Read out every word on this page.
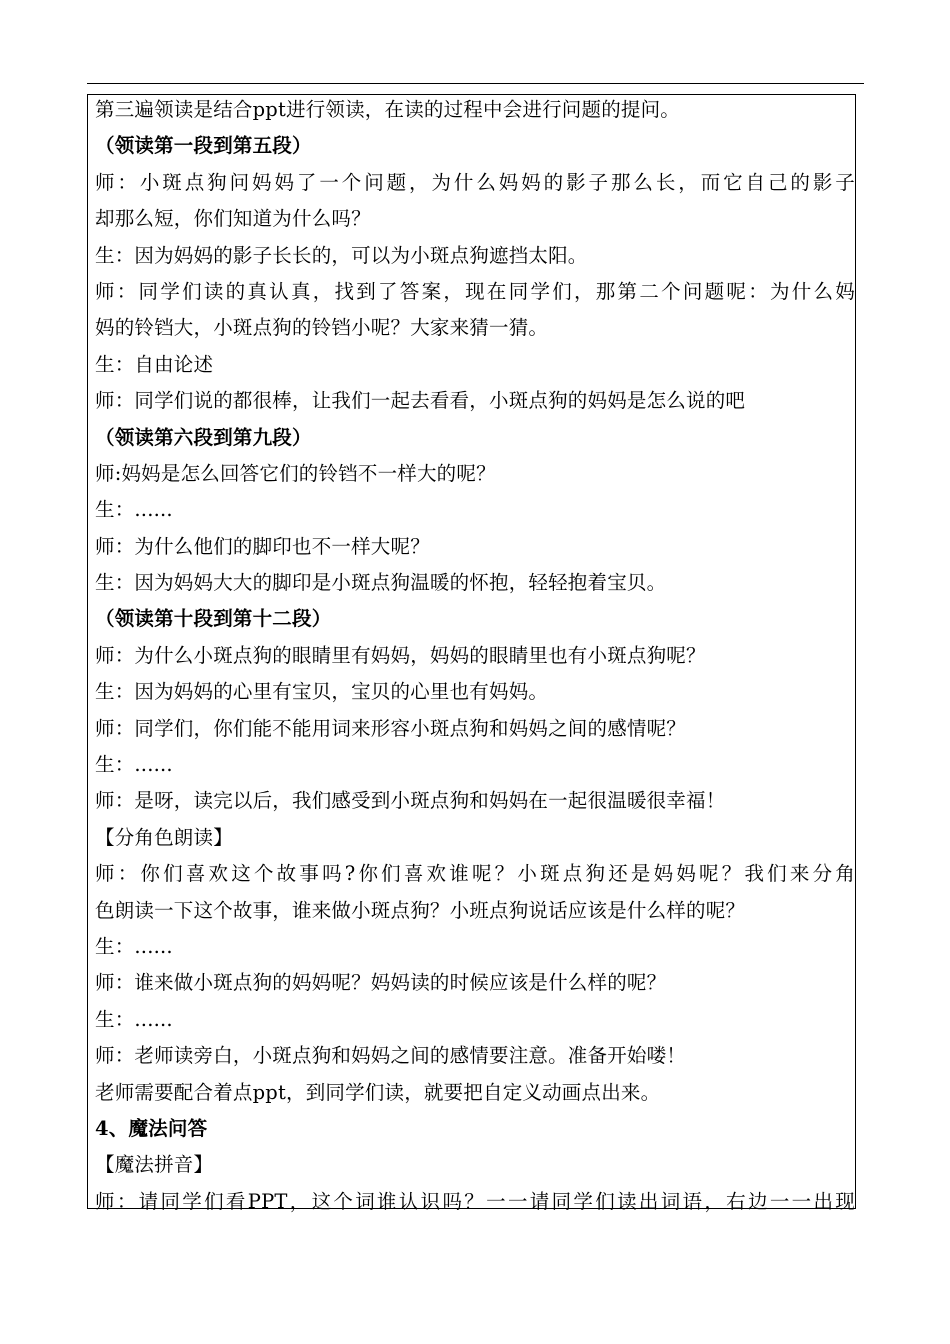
第三遍领读是结合ppt进行领读，在读的过程中会进行问题的提问。
（领读第一段到第五段）
师：小斑点狗问妈妈了一个问题，为什么妈妈的影子那么长，而它自己的影子
却那么短，你们知道为什么吗？
生：因为妈妈的影子长长的，可以为小斑点狗遮挡太阳。
师：同学们读的真认真，找到了答案，现在同学们，那第二个问题呢：为什么妈
妈的铃铛大，小斑点狗的铃铛小呢？大家来猜一猜。
生：自由论述
师：同学们说的都很棒，让我们一起去看看，小斑点狗的妈妈是怎么说的吧
（领读第六段到第九段）
师:妈妈是怎么回答它们的铃铛不一样大的呢？
生：......
师：为什么他们的脚印也不一样大呢？
生：因为妈妈大大的脚印是小斑点狗温暖的怀抱，轻轻抱着宝贝。
（领读第十段到第十二段）
师：为什么小斑点狗的眼睛里有妈妈，妈妈的眼睛里也有小斑点狗呢？
生：因为妈妈的心里有宝贝，宝贝的心里也有妈妈。
师：同学们，你们能不能用词来形容小斑点狗和妈妈之间的感情呢？
生：......
师：是呀，读完以后，我们感受到小斑点狗和妈妈在一起很温暖很幸福！
【分角色朗读】
师：你们喜欢这个故事吗?你们喜欢谁呢？小斑点狗还是妈妈呢？我们来分角
色朗读一下这个故事，谁来做小斑点狗？小班点狗说话应该是什么样的呢？
生：......
师：谁来做小斑点狗的妈妈呢？妈妈读的时候应该是什么样的呢？
生：......
师：老师读旁白，小斑点狗和妈妈之间的感情要注意。准备开始喽！
老师需要配合着点ppt，到同学们读，就要把自定义动画点出来。
4、魔法问答
【魔法拼音】
师：请同学们看PPT，这个词谁认识吗？一一请同学们读出词语，右边一一出现
